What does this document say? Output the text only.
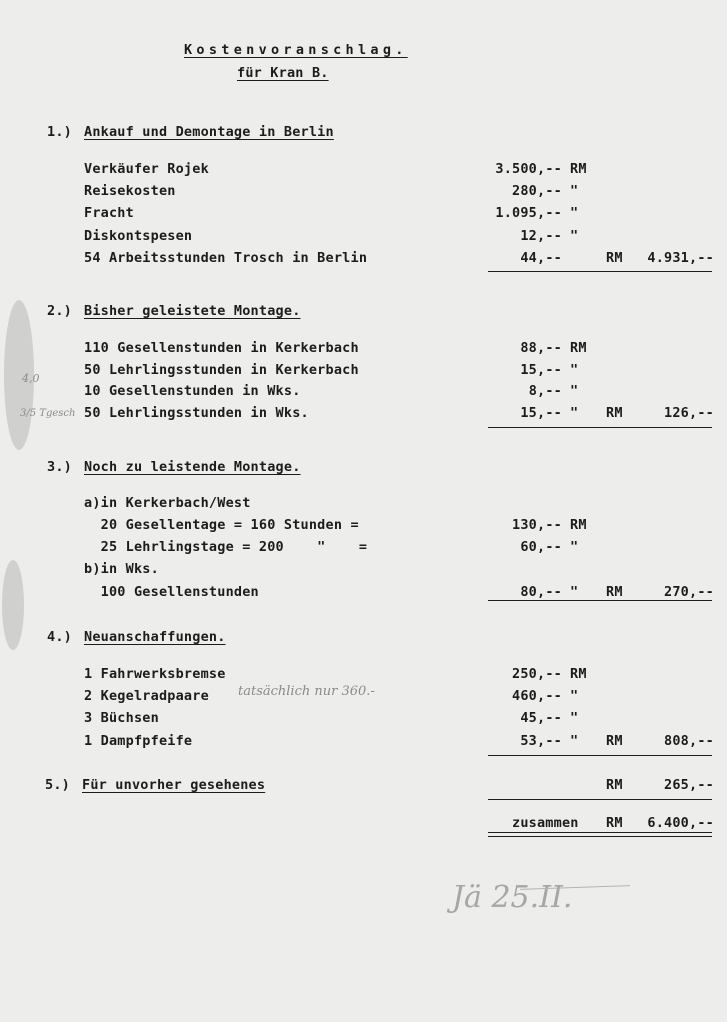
Kostenvoranschlag.
für Kran B.
1.) Ankauf und Demontage in Berlin
Verkäufer Rojek	3.500,-- RM
Reisekosten	280,-- "
Fracht	1.095,-- "
Diskontspesen	12,-- "
54 Arbeitsstunden Trosch in Berlin	44,--	RM	4.931,--
2.) Bisher geleistete Montage.
110 Gesellenstunden in Kerkerbach	88,-- RM
50 Lehrlingsstunden in Kerkerbach	15,-- "
10 Gesellenstunden in Wks.	8,-- "
50 Lehrlingsstunden in Wks.	15,-- " RM	126,--
4,0
3/5 Tgesch
3.) Noch zu leistende Montage.
a)in Kerkerbach/West
20 Gesellentage = 160 Stunden =	130,-- RM
25 Lehrlingstage = 200    "    =	60,-- "
b)in Wks.
100 Gesellenstunden	80,-- " RM	270,--
4.) Neuanschaffungen.
1 Fahrwerksbremse	250,-- RM
2 Kegelradpaare	460,-- "
tatsächlich nur 360.-
3 Büchsen	45,-- "
1 Dampfpfeife	53,-- " RM	808,--
5.) Für unvorher gesehenes	RM	265,--
zusammen RM	6.400,--
Jä 25.II.
